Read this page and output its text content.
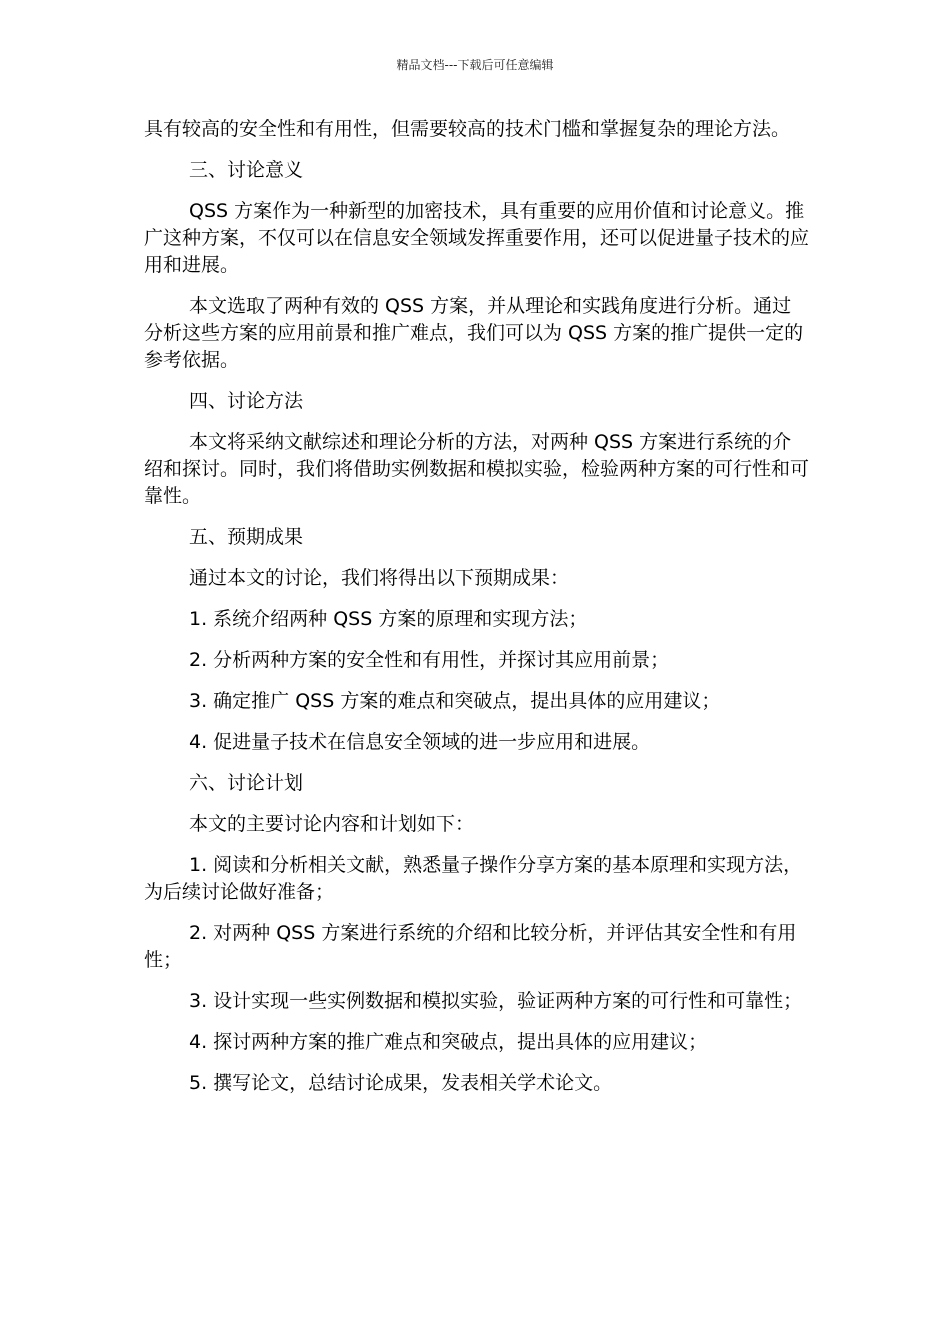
精品文档---下载后可任意编辑

具有较高的安全性和有用性，但需要较高的技术门槛和掌握复杂的理论方法。

三、讨论意义

QSS 方案作为一种新型的加密技术，具有重要的应用价值和讨论意义。推广这种方案，不仅可以在信息安全领域发挥重要作用，还可以促进量子技术的应用和进展。

本文选取了两种有效的 QSS 方案，并从理论和实践角度进行分析。通过分析这些方案的应用前景和推广难点，我们可以为 QSS 方案的推广提供一定的参考依据。

四、讨论方法

本文将采纳文献综述和理论分析的方法，对两种 QSS 方案进行系统的介绍和探讨。同时，我们将借助实例数据和模拟实验，检验两种方案的可行性和可靠性。

五、预期成果

通过本文的讨论，我们将得出以下预期成果：

1. 系统介绍两种 QSS 方案的原理和实现方法；

2. 分析两种方案的安全性和有用性，并探讨其应用前景；

3. 确定推广 QSS 方案的难点和突破点，提出具体的应用建议；

4. 促进量子技术在信息安全领域的进一步应用和进展。

六、讨论计划

本文的主要讨论内容和计划如下：

1. 阅读和分析相关文献，熟悉量子操作分享方案的基本原理和实现方法，为后续讨论做好准备；

2. 对两种 QSS 方案进行系统的介绍和比较分析，并评估其安全性和有用性；

3. 设计实现一些实例数据和模拟实验，验证两种方案的可行性和可靠性；

4. 探讨两种方案的推广难点和突破点，提出具体的应用建议；

5. 撰写论文，总结讨论成果，发表相关学术论文。
